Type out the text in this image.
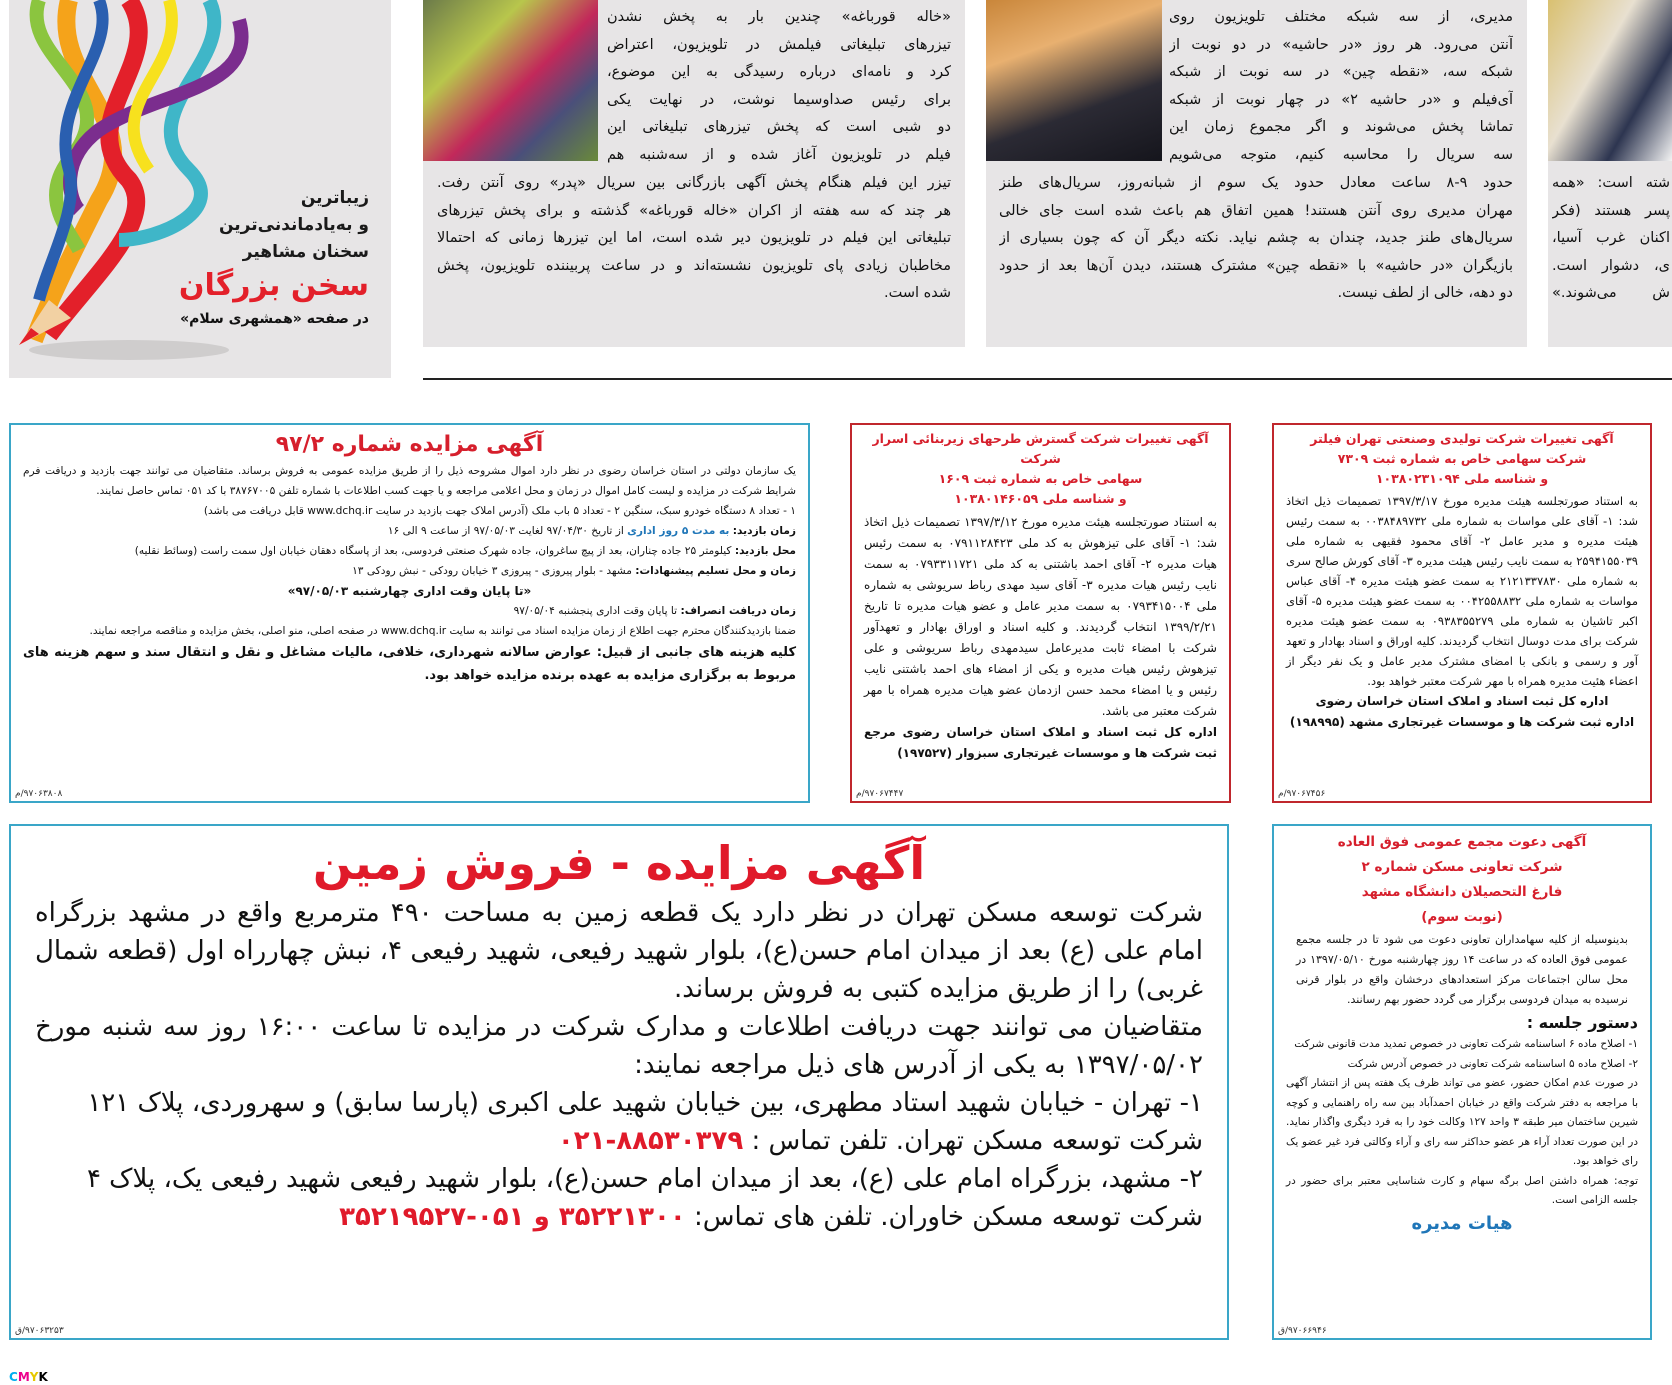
زیباترین
و به‌یادماندنی‌ترین
سخنان مشاهیر
سخن بزرگان
در صفحه «همشهری سلام»
«خاله قورباغه» چندین بار به پخش نشدن
تیزرهای تبلیغاتی فیلمش در تلویزیون، اعتراض
کرد و نامه‌ای درباره رسیدگی به این موضوع،
برای رئیس صداوسیما نوشت، در نهایت یکی
دو شبی است که پخش تیزرهای تبلیغاتی این
فیلم در تلویزیون آغاز شده و از سه‌شنبه هم
تیزر این فیلم هنگام پخش آگهی بازرگانی بین سریال «پدر» روی آنتن رفت.
هر چند که سه هفته از اکران «خاله قورباغه» گذشته و برای پخش تیزرهای
تبلیغاتی این فیلم در تلویزیون دیر شده است، اما این تیزرها زمانی که احتمالا
مخاطبان زیادی پای تلویزیون نشسته‌اند و در ساعت پربیننده تلویزیون، پخش
شده است.
مدیری، از سه شبکه مختلف تلویزیون روی
آنتن می‌رود. هر روز «در حاشیه» در دو نوبت از
شبکه سه، «نقطه چین» در سه نوبت از شبکه
آی‌فیلم و «در حاشیه ۲» در چهار نوبت از شبکه
تماشا پخش می‌شوند و اگر مجموع زمان این
سه سریال را محاسبه کنیم، متوجه می‌شویم
حدود ۹-۸ ساعت معادل حدود یک سوم از شبانه‌روز، سریال‌های طنز
مهران مدیری روی آنتن هستند! همین اتفاق هم باعث شده است جای خالی
سریال‌های طنز جدید، چندان به چشم نیاید. نکته دیگر آن که چون بسیاری از
بازیگران «در حاشیه» با «نقطه چین» مشترک هستند، دیدن آن‌ها بعد از حدود
دو دهه، خالی از لطف نیست.
شته است: «همه
پسر هستند (فکر
اکنان غرب آسیا،
ی، دشوار است.
ش می‌شوند.»
آگهی مزایده شماره ۹۷/۲
یک سازمان دولتی در استان خراسان رضوی در نظر دارد اموال مشروحه ذیل را از طریق مزایده عمومی به فروش برساند. متقاضیان می توانند جهت بازدید و دریافت فرم شرایط شرکت در مزایده و لیست کامل اموال در زمان و محل اعلامی مراجعه و یا جهت کسب اطلاعات با شماره تلفن ۳۸۷۶۷۰۰۵ با کد ۰۵۱ تماس حاصل نمایند.
۱ - تعداد ۸ دستگاه خودرو سبک، سنگین ۲ - تعداد ۵ باب ملک (آدرس املاک جهت بازدید در سایت www.dchq.ir قابل دریافت می باشد)
زمان بازدید: به مدت ۵ روز اداری از تاریخ ۹۷/۰۴/۳۰ لغایت ۹۷/۰۵/۰۳ از ساعت ۹ الی ۱۶
محل بازدید: کیلومتر ۲۵ جاده چناران، بعد از پیچ ساغروان، جاده شهرک صنعتی فردوسی، بعد از پاسگاه دهقان خیابان اول سمت راست (وسائط نقلیه)
زمان و محل تسلیم پیشنهادات: مشهد - بلوار پیروزی - پیروزی ۳ خیابان رودکی - نبش رودکی ۱۳
«تا پایان وقت اداری چهارشنبه ۹۷/۰۵/۰۳»
زمان دریافت انصراف: تا پایان وقت اداری پنجشنبه ۹۷/۰۵/۰۴
ضمنا بازدیدکنندگان محترم جهت اطلاع از زمان مزایده اسناد می توانند به سایت www.dchq.ir در صفحه اصلی، منو اصلی، بخش مزایده و مناقصه مراجعه نمایند.
کلیه هزینه های جانبی از قبیل: عوارض سالانه شهرداری، خلافی، مالیات مشاغل و نقل و انتقال سند و سهم هزینه های مربوط به برگزاری مزایده به عهده برنده مزایده خواهد بود.
۹۷۰۶۳۸۰۸/م
آگهی تغییرات شرکت گسترش طرحهای زیربنائی اسرار شرکت
سهامی خاص به شماره ثبت ۱۶۰۹
و شناسه ملی ۱۰۳۸۰۱۴۶۰۵۹
به استناد صورتجلسه هیئت مدیره مورخ ۱۳۹۷/۳/۱۲ تصمیمات ذیل اتخاذ شد: ۱- آقای علی تیزهوش به کد ملی ۰۷۹۱۱۲۸۴۲۳ به سمت رئیس هیات مدیره ۲- آقای احمد باشتنی به کد ملی ۰۷۹۳۳۱۱۷۲۱ به سمت نایب رئیس هیات مدیره ۳- آقای سید مهدی رباط سریوشی به شماره ملی ۰۷۹۳۴۱۵۰۰۴ به سمت مدیر عامل و عضو هیات مدیره تا تاریخ ۱۳۹۹/۲/۲۱ انتخاب گردیدند. و کلیه اسناد و اوراق بهادار و تعهدآور شرکت با امضاء ثابت مدیرعامل سیدمهدی رباط سریوشی و علی تیزهوش رئیس هیات مدیره و یکی از امضاء های احمد باشتنی نایب رئیس و یا امضاء محمد حسن ازدمان عضو هیات مدیره همراه با مهر شرکت معتبر می باشد.
اداره کل ثبت اسناد و املاک استان خراسان رضوی مرجع ثبت شرکت ها و موسسات غیرتجاری سبزوار (۱۹۷۵۲۷)
۹۷۰۶۷۴۴۷/م
آگهی تغییرات شرکت تولیدی وصنعتی تهران فیلتر
شرکت سهامی خاص به شماره ثبت ۷۳۰۹
و شناسه ملی ۱۰۳۸۰۲۳۱۰۹۴
به استناد صورتجلسه هیئت مدیره مورخ ۱۳۹۷/۳/۱۷ تصمیمات ذیل اتخاذ شد: ۱- آقای علی مواسات به شماره ملی ۰۰۳۸۴۸۹۷۳۲ به سمت رئیس هیئت مدیره و مدیر عامل ۲- آقای محمود فقیهی به شماره ملی ۲۵۹۴۱۵۵۰۳۹ به سمت نایب رئیس هیئت مدیره ۳- آقای کورش صالح سری به شماره ملی ۲۱۲۱۳۳۷۸۳۰ به سمت عضو هیئت مدیره ۴- آقای عباس مواسات به شماره ملی ۰۰۴۲۵۵۸۸۳۲ به سمت عضو هیئت مدیره ۵- آقای اکبر تاشیان به شماره ملی ۰۹۳۸۳۵۵۲۷۹ به سمت عضو هیئت مدیره شرکت برای مدت دوسال انتخاب گردیدند. کلیه اوراق و اسناد بهادار و تعهد آور و رسمی و بانکی با امضای مشترک مدیر عامل و یک نفر دیگر از اعضاء هئیت مدیره همراه با مهر شرکت معتبر خواهد بود.
اداره کل ثبت اسناد و املاک استان خراسان رضوی
اداره ثبت شرکت ها و موسسات غیرتجاری مشهد (۱۹۸۹۹۵)
۹۷۰۶۷۴۵۶/م
آگهی مزایده - فروش زمین

شرکت توسعه مسکن تهران در نظر دارد یک قطعه زمین به مساحت ۴۹۰ مترمربع واقع در مشهد بزرگراه امام علی (ع) بعد از میدان امام حسن(ع)، بلوار شهید رفیعی، شهید رفیعی ۴، نبش چهارراه اول (قطعه شمال غربی) را از طریق مزایده کتبی به فروش برساند.

متقاضیان می توانند جهت دریافت اطلاعات و مدارک شرکت در مزایده تا ساعت ۱۶:۰۰ روز سه شنبه مورخ ۱۳۹۷/۰۵/۰۲ به یکی از آدرس های ذیل مراجعه نمایند:

۱- تهران - خیابان شهید استاد مطهری، بین خیابان شهید علی اکبری (پارسا سابق) و سهروردی، پلاک ۱۲۱

شرکت توسعه مسکن تهران. تلفن تماس : ۰۲۱-۸۸۵۳۰۳۷۹

۲- مشهد، بزرگراه امام علی (ع)، بعد از میدان امام حسن(ع)، بلوار شهید رفیعی شهید رفیعی یک، پلاک ۴

شرکت توسعه مسکن خاوران. تلفن های تماس: ۳۵۲۲۱۳۰۰ و ۰۵۱-۳۵۲۱۹۵۲۷

۹۷۰۶۳۲۵۳/ق
آگهی دعوت مجمع عمومی فوق العاده
شرکت تعاونی مسکن شماره ۲
فارغ التحصیلان دانشگاه مشهد
(نوبت سوم)
بدینوسیله از کلیه سهامداران تعاونی دعوت می شود تا در جلسه مجمع عمومی فوق العاده که در ساعت ۱۴ روز چهارشنبه مورخ ۱۳۹۷/۰۵/۱۰ در محل سالن اجتماعات مرکز استعدادهای درخشان واقع در بلوار قرنی نرسیده به میدان فردوسی برگزار می گردد حضور بهم رسانند.
دستور جلسه :
۱- اصلاح ماده ۶ اساسنامه شرکت تعاونی در خصوص تمدید مدت قانونی شرکت
۲- اصلاح ماده ۵ اساسنامه شرکت تعاونی در خصوص آدرس شرکت
در صورت عدم امکان حضور، عضو می تواند ظرف یک هفته پس از انتشار آگهی با مراجعه به دفتر شرکت واقع در خیابان احمدآباد بین سه راه راهنمایی و کوچه شیرین ساختمان میر طبقه ۳ واحد ۱۲۷ وکالت خود را به فرد دیگری واگذار نماید. در این صورت تعداد آراء هر عضو حداکثر سه رای و آراء وکالتی فرد غیر عضو یک رای خواهد بود.
توجه: همراه داشتن اصل برگه سهام و کارت شناسایی معتبر برای حضور در جلسه الزامی است.
هیات مدیره
۹۷۰۶۶۹۴۶/ق
CMYK
